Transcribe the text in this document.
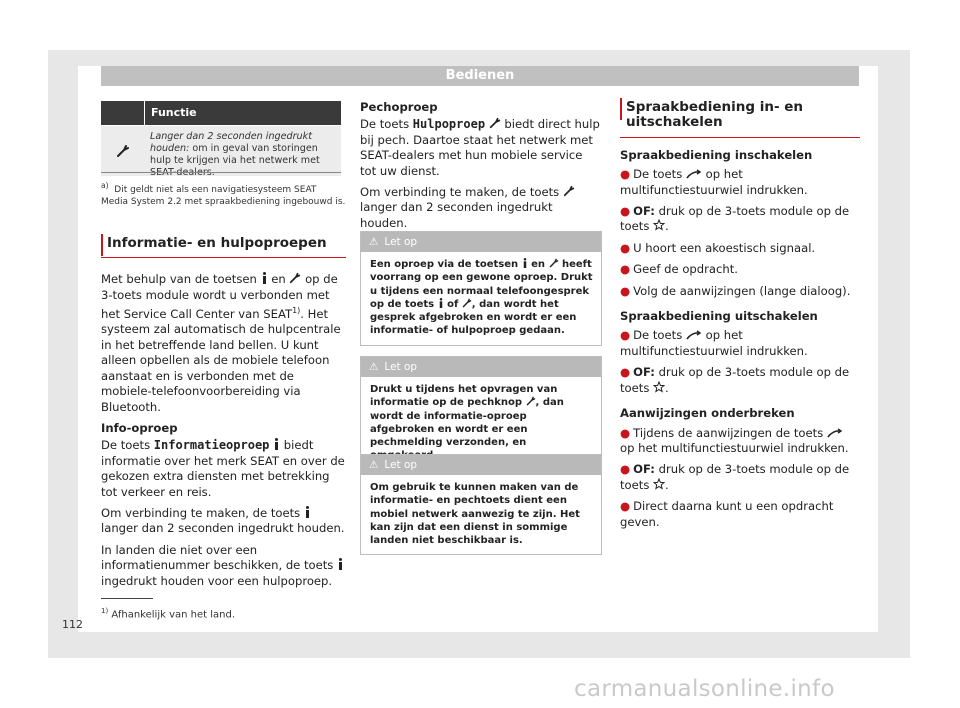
Bedienen
Functie
Langer dan 2 seconden ingedrukt houden: om in geval van storingen hulp te krijgen via het netwerk met
$^{a)}$ Dit geldt niet als een navigatiesysteem SEAT Media System 2.2 met spraakbediening ingebouwd is.
Informatie- en hulpoproepen

Met behulp van de toetsen en op de 3-toets module wordt u verbonden met het Service Call Center van SEAT$^{1)}$. Het systeem zal automatisch de hulpcentrale in het betreffende land bellen. U kunt alleen opbellen als de mobiele telefoon aanstaat en is verbonden met de mobiele-telefoonvoorbereiding via Bluetooth.

Info-oproep

De toets Informatieoproep biedt informatie over het merk SEAT en over de gekozen extra diensten met betrekking tot verkeer en reis.

Om verbinding te maken, de toets  langer dan 2 seconden ingedrukt houden.

In landen die niet over een informatienummer beschikken, de toets  ingedrukt houden voor een hulpoproep.

Pechoproep

De toets Hulpoproep biedt direct hulp bij pech. Daartoe staat het netwerk met SEAT-dealers met hun mobiele service tot uw dienst.

Om verbinding te maken, de toets  langer dan 2 seconden ingedrukt houden.

⚠ Let op
Een oproep via de toetsen en heeft voorrang op een gewone oproep. Drukt u tijdens een normaal telefoongesprek op de toets of , dan wordt het gesprek afgebroken en wordt er een informatie- of hulpoproep gedaan.
⚠ Let op
Drukt u tijdens het opvragen van informatie op de pechknop , dan wordt de informatie-oproep afgebroken en wordt er een pechmelding verzonden, en
⚠ Let op
Om gebruik te kunnen maken van de informatie- en pechtoets dient een mobiel netwerk aanwezig te zijn. Het kan zijn dat een dienst in sommige landen niet beschikbaar is.
Spraakbediening in- en uitschakelen

Spraakbediening inschakelen

● De toets op het multifunctiestuurwiel indrukken.

● OF: druk op de 3-toets module op de toets .

● U hoort een akoestisch signaal.

● Geef de opdracht.

● Volg de aanwijzingen (lange dialoog).

Spraakbediening uitschakelen

● De toets op het multifunctiestuurwiel indrukken.

● OF: druk op de 3-toets module op de toets .

Aanwijzingen onderbreken

● Tijdens de aanwijzingen de toets  op het multifunctiestuurwiel indrukken.

● OF: druk op de 3-toets module op de toets .

● Direct daarna kunt u een opdracht geven.

$^{1)}$ Afhankelijk van het land.
112
carmanualsonline.info
